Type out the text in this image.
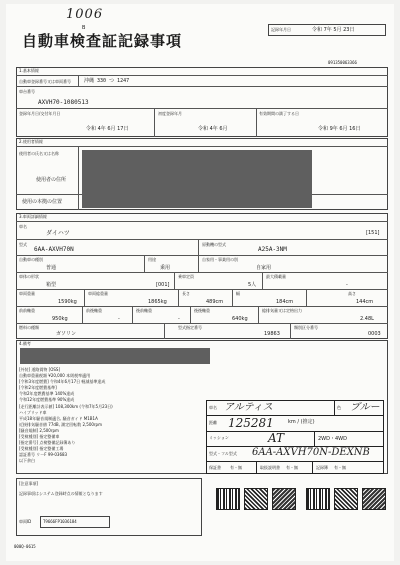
1006
B
自動車検査証記録事項
記録年月日	令和 7年 5月 23日
091350063366
1.基本情報
自動車登録番号又は車両番号	沖縄 330 つ 1247
車台番号
AXVH70-1080513
登録年月日/交付年月日
令和 4年 6月 17日
初度登録年月
令和 4年 6月
有効期間の満了する日
令和 9年 6月 16日
2.使用者情報
使用者の氏名又は名称
使用者の住所
使用の本拠の位置
3.車両詳細情報
車名
ダイハツ	[151]
型式
6AA-AXVH70N
原動機の型式
A25A-3NM
自動車の種別
普通
用途
乗用
自家用・事業用の別
自家用
車体の形状
箱型	[001]
乗車定員
5人
最大積載量
-
車両重量
1590kg
車両総重量
1865kg
長さ
489cm
幅
184cm
高さ
144cm
前前軸重
950kg
前後軸重
-
後前軸重
-
後後軸重
640kg
総排気量又は定格出力
2.48L
燃料の種類
ガソリン
型式指定番号
19863
類別区分番号
0003
4.備考
[外装] 道路貨物 [OSS]
自動車重量税額 ¥20,000 本則税率適用
[令和3年度燃費] 令和4年6月17日 軽減基準達成
[令和2年度燃費基準]
令和2年度燃費基準 140%達成
令和12年度燃費基準 90%達成
[走行距離計表示値] 108,300km (令和7年5月23日)
ハイブリッド車
平成18年騒音規制適合, 騒音ガイド M1B1A
近接排気騒音値 77dB, 測定回転数 2,500rpm
[騒音規制] 2,500rpm
[受検種別] 指定整備車
[指定番号] 点検整備記録簿あり
[受検種別] 指定整備工場
認証番号 リーF 99-03683
以下余白
車名 アルティス	色 ブルー
距離 125281	km / (推定)
ミッション	AT	2WD・4WD
型式・フル型式 6AA-AXVH70N-DEXNB
保証書 有・無	取扱説明書 有・無	記録簿 有・無
[注意事項]
記録事項はシステム登録時点の情報となります
車両ID	T9666FP1036184
000Q-0615
